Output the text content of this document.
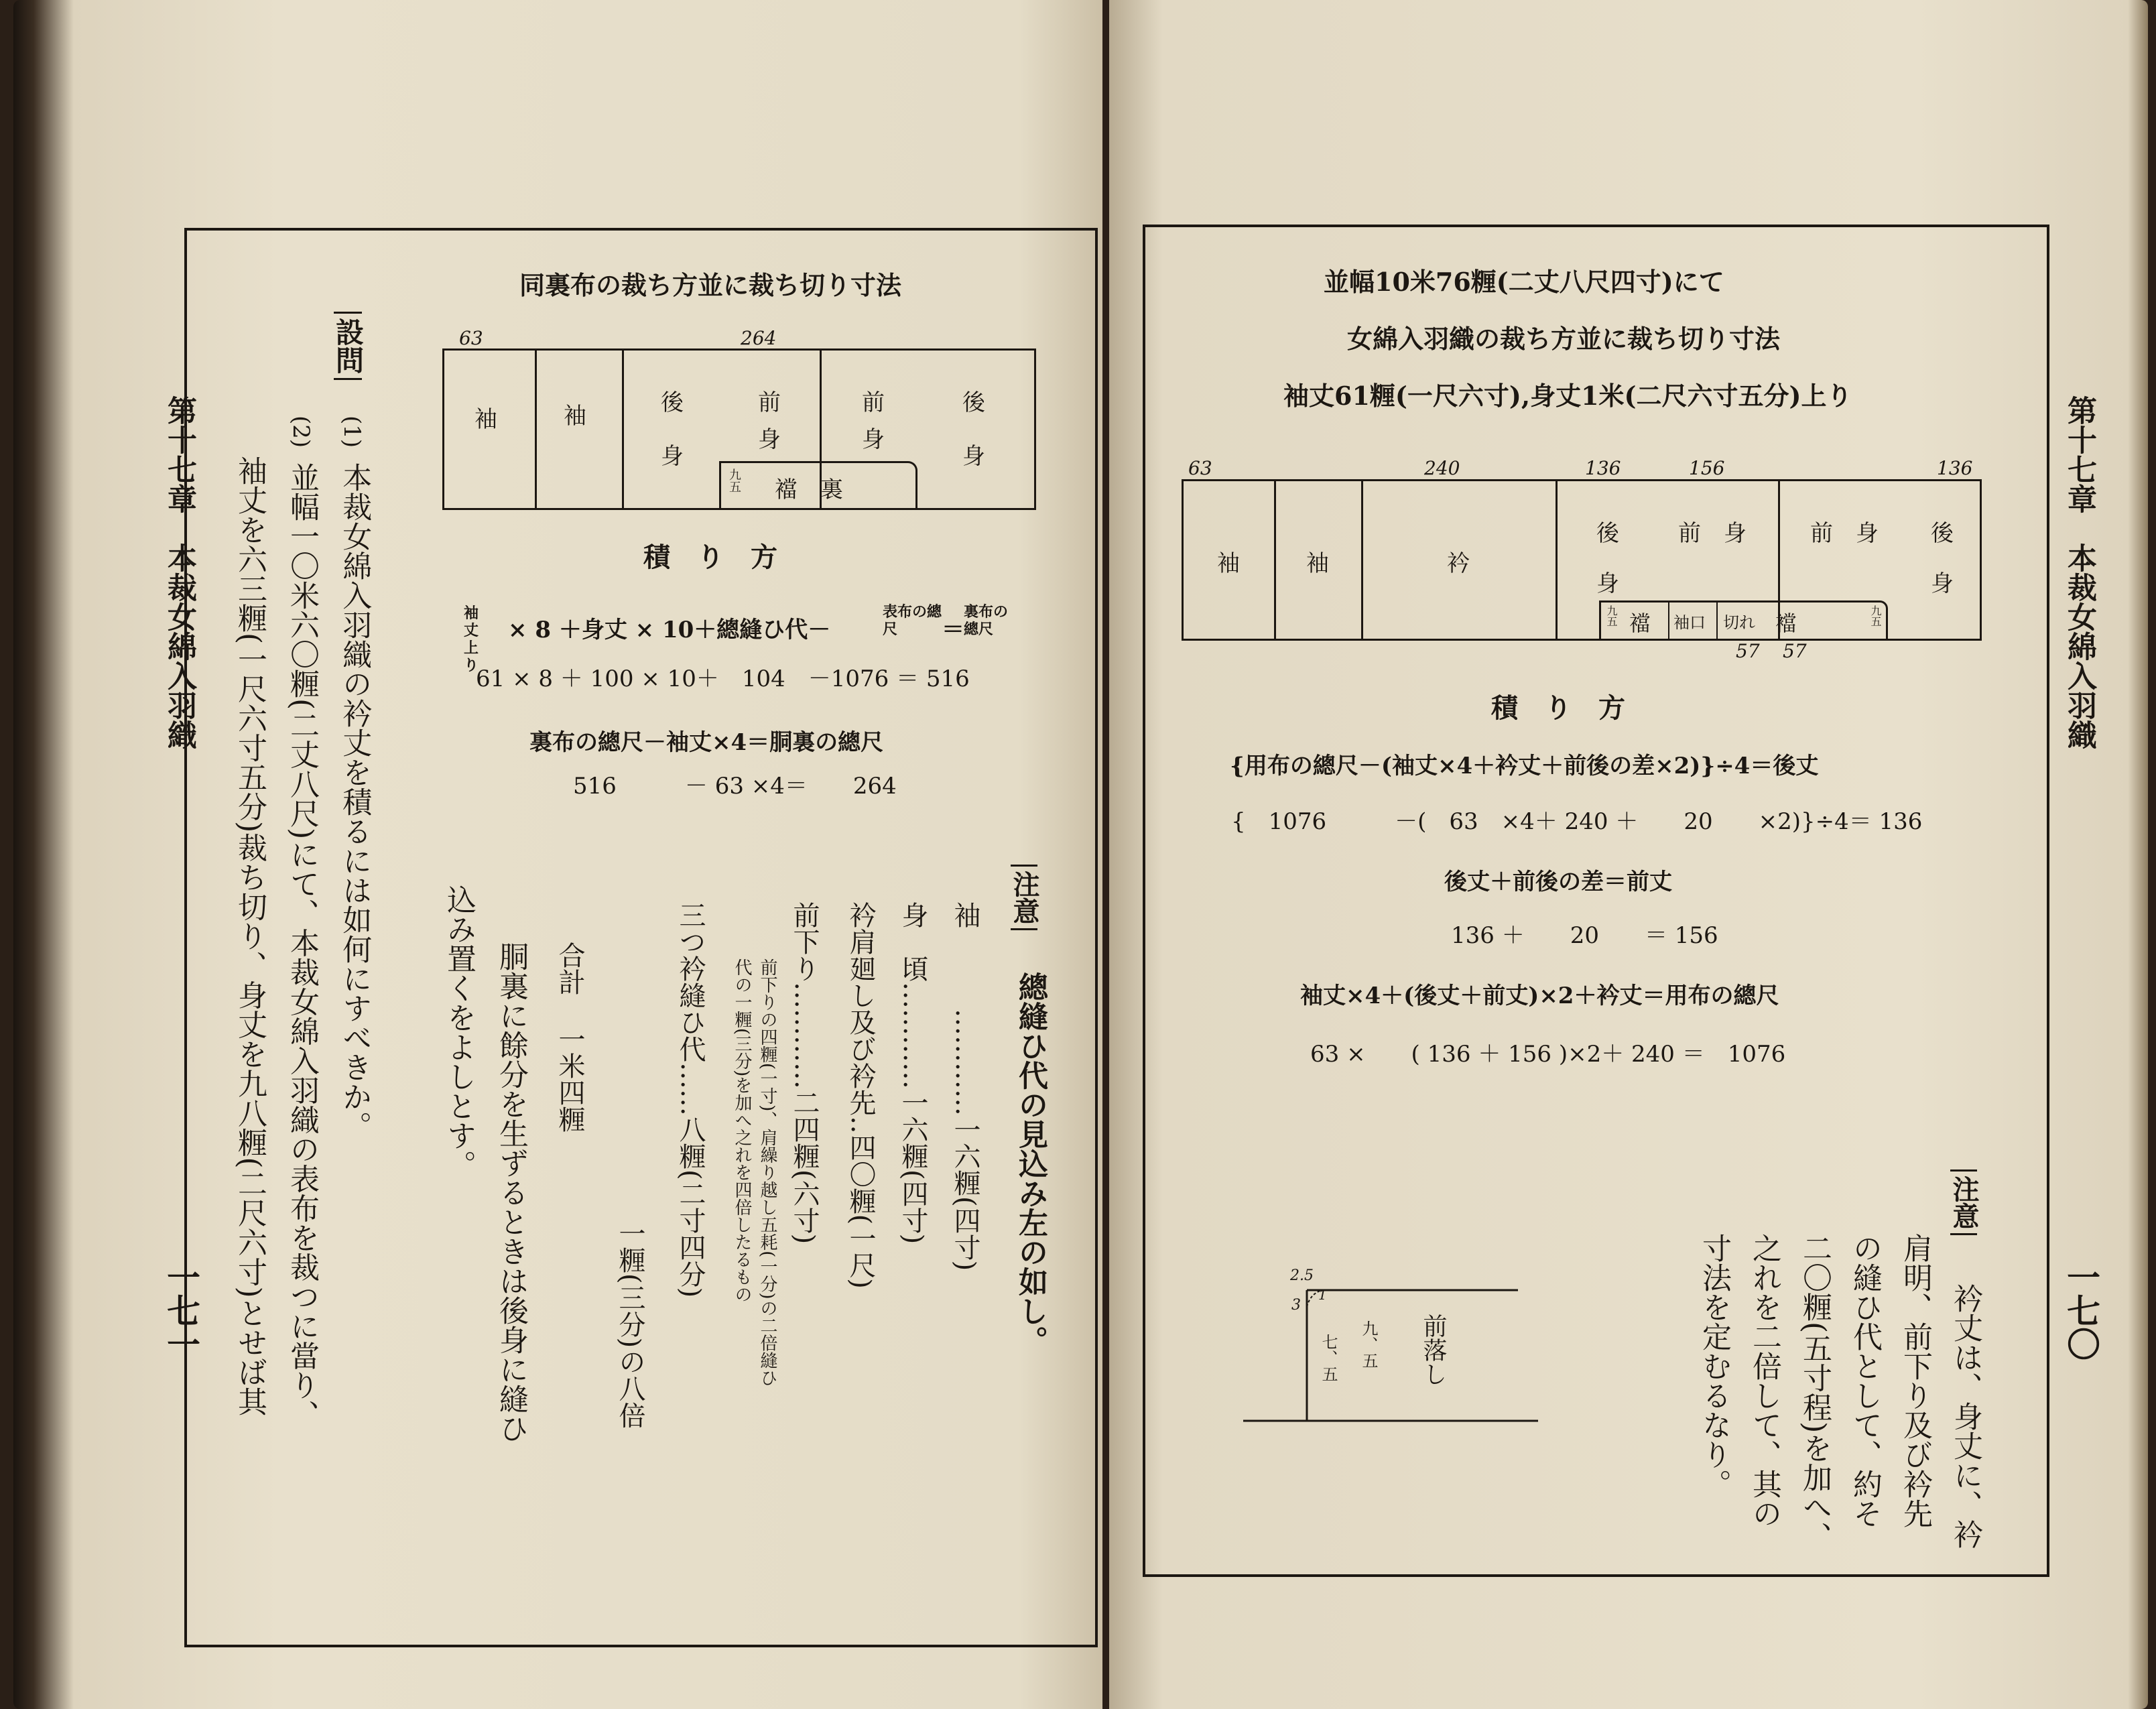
第十七章　本裁女綿入羽織
一七一
同裏布の裁ち方並に裁ち切り寸法
63	264
袖	袖	後
身
前
身
前
身
後
身
九五 襠　裏
積　り　方
袖丈上り
× 8 ＋身丈 × 10＋總縫ひ代－
表布の總尺	＝
裏布の總尺
61 × 8 ＋ 100 × 10＋　104　－1076 ＝ 516
裏布の總尺－袖丈×4＝胴裏の總尺
516　　　－ 63 ×4＝　　264
設問
(1)
本裁女綿入羽織の衿丈を積るには如何にすべきか。
(2)
並幅一〇米六〇糎(二丈八尺)にて、本裁女綿入羽織の表布を裁つに當り、
袖丈を六三糎(一尺六寸五分)裁ち切り、身丈を九八糎(二尺六寸)とせば其	注意
總縫ひ代の見込み左の如し。
袖　　　…………一六糎(四寸)
身　頃…………一六糎(四寸)
衿肩廻し及び衿先‥四〇糎(一尺)
前下り…………二四糎(六寸)
前下りの四糎(一寸)、肩繰り越し五耗(一分)の二倍縫ひ
代の一糎(三分)を加へ之れを四倍したるもの
三つ衿縫ひ代……八糎(二寸四分)
一糎(三分)の八倍
合計
一米四糎
胴裏に餘分を生ずるときは後身に縫ひ
込み置くをよしとす。
第十七章　本裁女綿入羽織
一七〇
並幅10米76糎(二丈八尺四寸)にて
女綿入羽織の裁ち方並に裁ち切り寸法
袖丈61糎(一尺六寸),身丈1米(二尺六寸五分)上り
63	240	136	156	136
袖	袖	衿
後
身
前　身	前　身 後
身
九五 襠 袖口 切れ 襠	九五
57 57
積　り　方
{用布の總尺－(袖丈×4＋衿丈＋前後の差×2)}÷4＝後丈
{　1076　　　－(　63　×4＋ 240 ＋　　20　　×2)}÷4＝ 136
後丈＋前後の差＝前丈
136 ＋　　20　　＝ 156
袖丈×4＋(後丈＋前丈)×2＋衿丈＝用布の總尺
63 ×　　( 136 ＋ 156 )×2＋ 240 ＝　1076
2.5
3
1
九、五
七、五	前落し
注意
衿丈は、身丈に、衿
肩明、前下り及び衿先
の縫ひ代として、約そ
二〇糎(五寸程)を加へ、
之れを二倍して、其の
寸法を定むるなり。
